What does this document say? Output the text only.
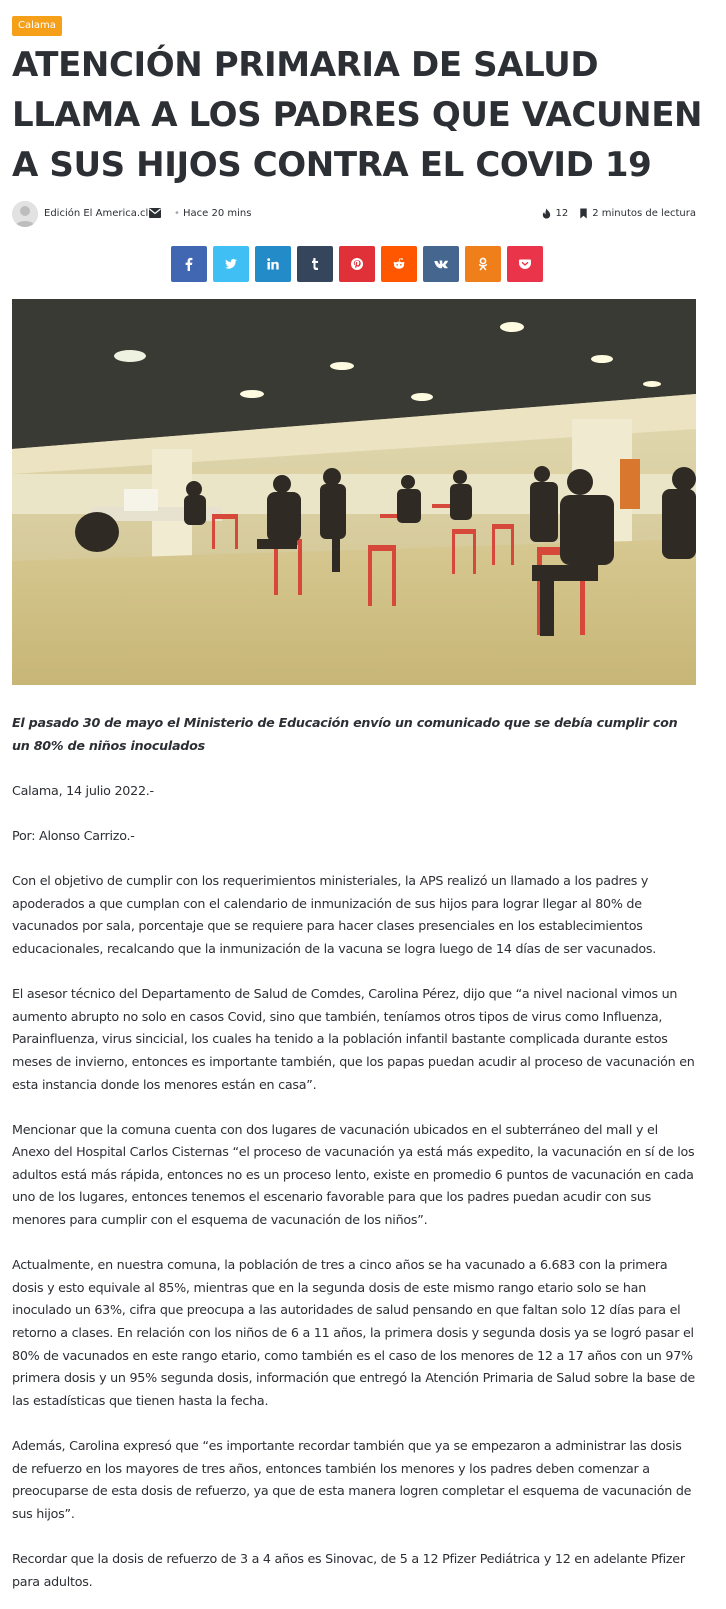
Calama
ATENCIÓN PRIMARIA DE SALUD LLAMA A LOS PADRES QUE VACUNEN A SUS HIJOS CONTRA EL COVID 19
Edición El America.cl	• Hace 20 mins	12 2 minutos de lectura

El pasado 30 de mayo el Ministerio de Educación envío un comunicado que se debía cumplir con un 80% de niños inoculados

Calama, 14 julio 2022.-

Por: Alonso Carrizo.-

Con el objetivo de cumplir con los requerimientos ministeriales, la APS realizó un llamado a los padres y apoderados a que cumplan con el calendario de inmunización de sus hijos para lograr llegar al 80% de vacunados por sala, porcentaje que se requiere para hacer clases presenciales en los establecimientos educacionales, recalcando que la inmunización de la vacuna se logra luego de 14 días de ser vacunados.

El asesor técnico del Departamento de Salud de Comdes, Carolina Pérez, dijo que “a nivel nacional vimos un aumento abrupto no solo en casos Covid, sino que también, teníamos otros tipos de virus como Influenza, Parainfluenza, virus sincicial, los cuales ha tenido a la población infantil bastante complicada durante estos meses de invierno, entonces es importante también, que los papas puedan acudir al proceso de vacunación en esta instancia donde los menores están en casa”.

Mencionar que la comuna cuenta con dos lugares de vacunación ubicados en el subterráneo del mall y el Anexo del Hospital Carlos Cisternas “el proceso de vacunación ya está más expedito, la vacunación en sí de los adultos está más rápida, entonces no es un proceso lento, existe en promedio 6 puntos de vacunación en cada uno de los lugares, entonces tenemos el escenario favorable para que los padres puedan acudir con sus menores para cumplir con el esquema de vacunación de los niños”.

Actualmente, en nuestra comuna, la población de tres a cinco años se ha vacunado a 6.683 con la primera dosis y esto equivale al 85%, mientras que en la segunda dosis de este mismo rango etario solo se han inoculado un 63%, cifra que preocupa a las autoridades de salud pensando en que faltan solo 12 días para el retorno a clases. En relación con los niños de 6 a 11 años, la primera dosis y segunda dosis ya se logró pasar el 80% de vacunados en este rango etario, como también es el caso de los menores de 12 a 17 años con un 97% primera dosis y un 95% segunda dosis, información que entregó la Atención Primaria de Salud sobre la base de las estadísticas que tienen hasta la fecha.

Además, Carolina expresó que “es importante recordar también que ya se empezaron a administrar las dosis de refuerzo en los mayores de tres años, entonces también los menores y los padres deben comenzar a preocuparse de esta dosis de refuerzo, ya que de esta manera logren completar el esquema de vacunación de sus hijos”.

Recordar que la dosis de refuerzo de 3 a 4 años es Sinovac, de 5 a 12 Pfizer Pediátrica y 12 en adelante Pfizer para adultos.
